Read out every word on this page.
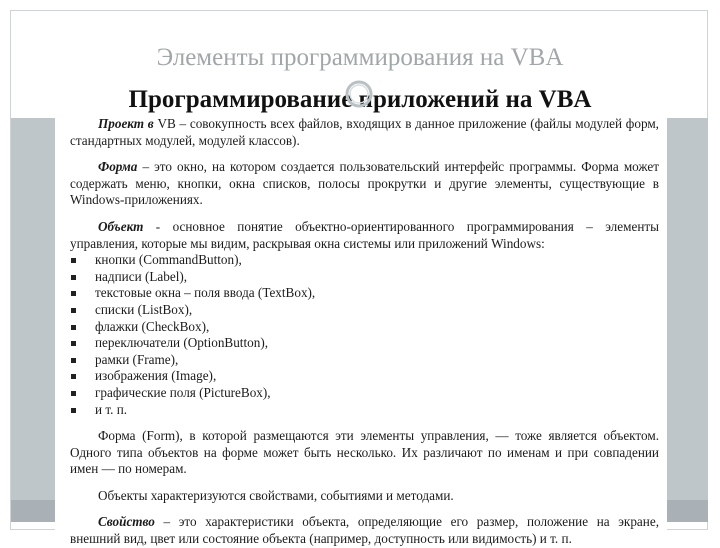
Элементы программирования на VBA

Проект в VB – совокупность всех файлов, входящих в данное приложение (файлы модулей форм, стандартных модулей, модулей классов).

Форма – это окно, на котором создается пользовательский интерфейс программы. Форма может содержать меню, кнопки, окна списков, полосы прокрутки и другие элементы, существующие в Windows-приложениях.

Объект - основное понятие объектно-ориентированного программирования – элементы управления, которые мы видим, раскрывая окна системы или приложений Windows:

кнопки (CommandButton),
надписи (Label),
текстовые окна – поля ввода (TextBox),
списки (ListBox),
флажки (CheckBox),
переключатели (OptionButton),
рамки (Frame),
изображения (Image),
графические поля (PictureBox),
и т. п.

Форма (Form), в которой размещаются эти элементы управления, — тоже является объектом. Одного типа объектов на форме может быть несколько. Их различают по именам и при совпадении имен — по номерам.

Объекты характеризуются свойствами, событиями и методами.

Свойство – это характеристики объекта, определяющие его размер, положение на экране, внешний вид, цвет или состояние объекта (например, доступность или видимость) и т. п.

Программирование приложений на VBA
